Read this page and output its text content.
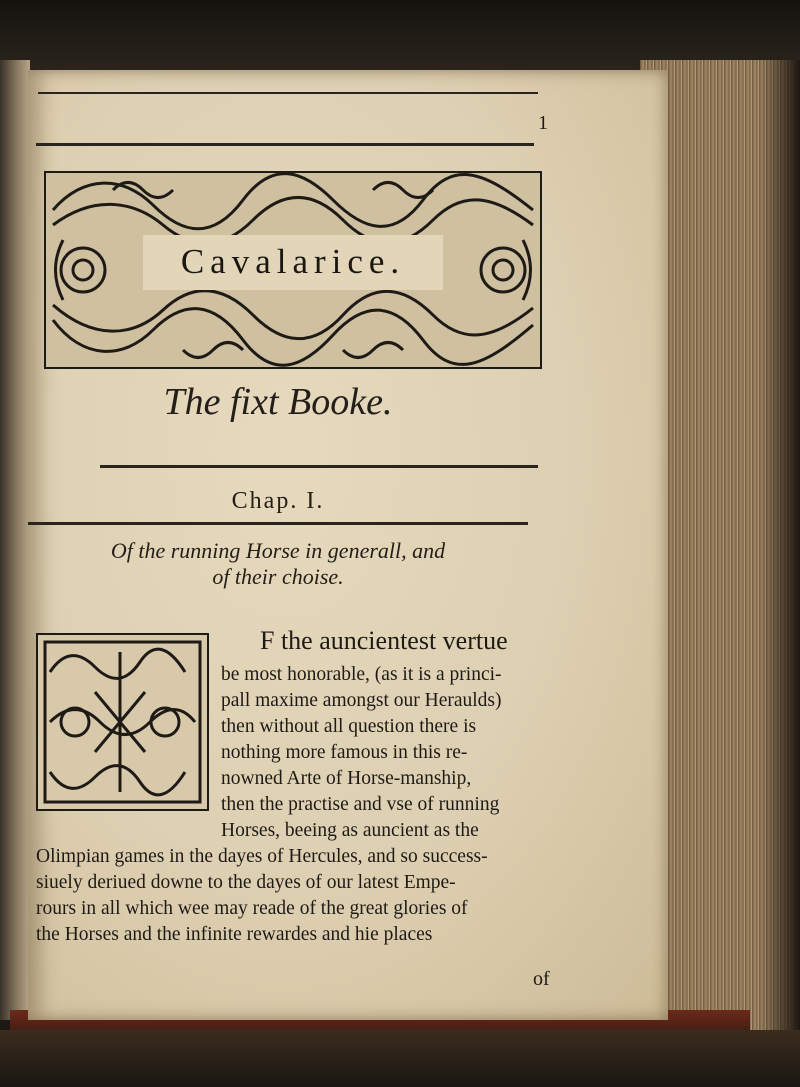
1
Cavalarice.
The fixt Booke.
Chap. I.
Of the running Horse in generall, and
of their choise.
F the auncientest vertue
be most honorable, (as it is a princi-
pall maxime amongst our Heraulds)
then without all question there is
nothing more famous in this re-
nowned Arte of Horse-manship,
then the practise and vse of running
Horses, beeing as auncient as the
Olimpian games in the dayes of Hercules, and so success-
siuely deriued downe to the dayes of our latest Empe-
rours in all which wee may reade of the great glories of
the Horses and the infinite rewardes and hie places
of
